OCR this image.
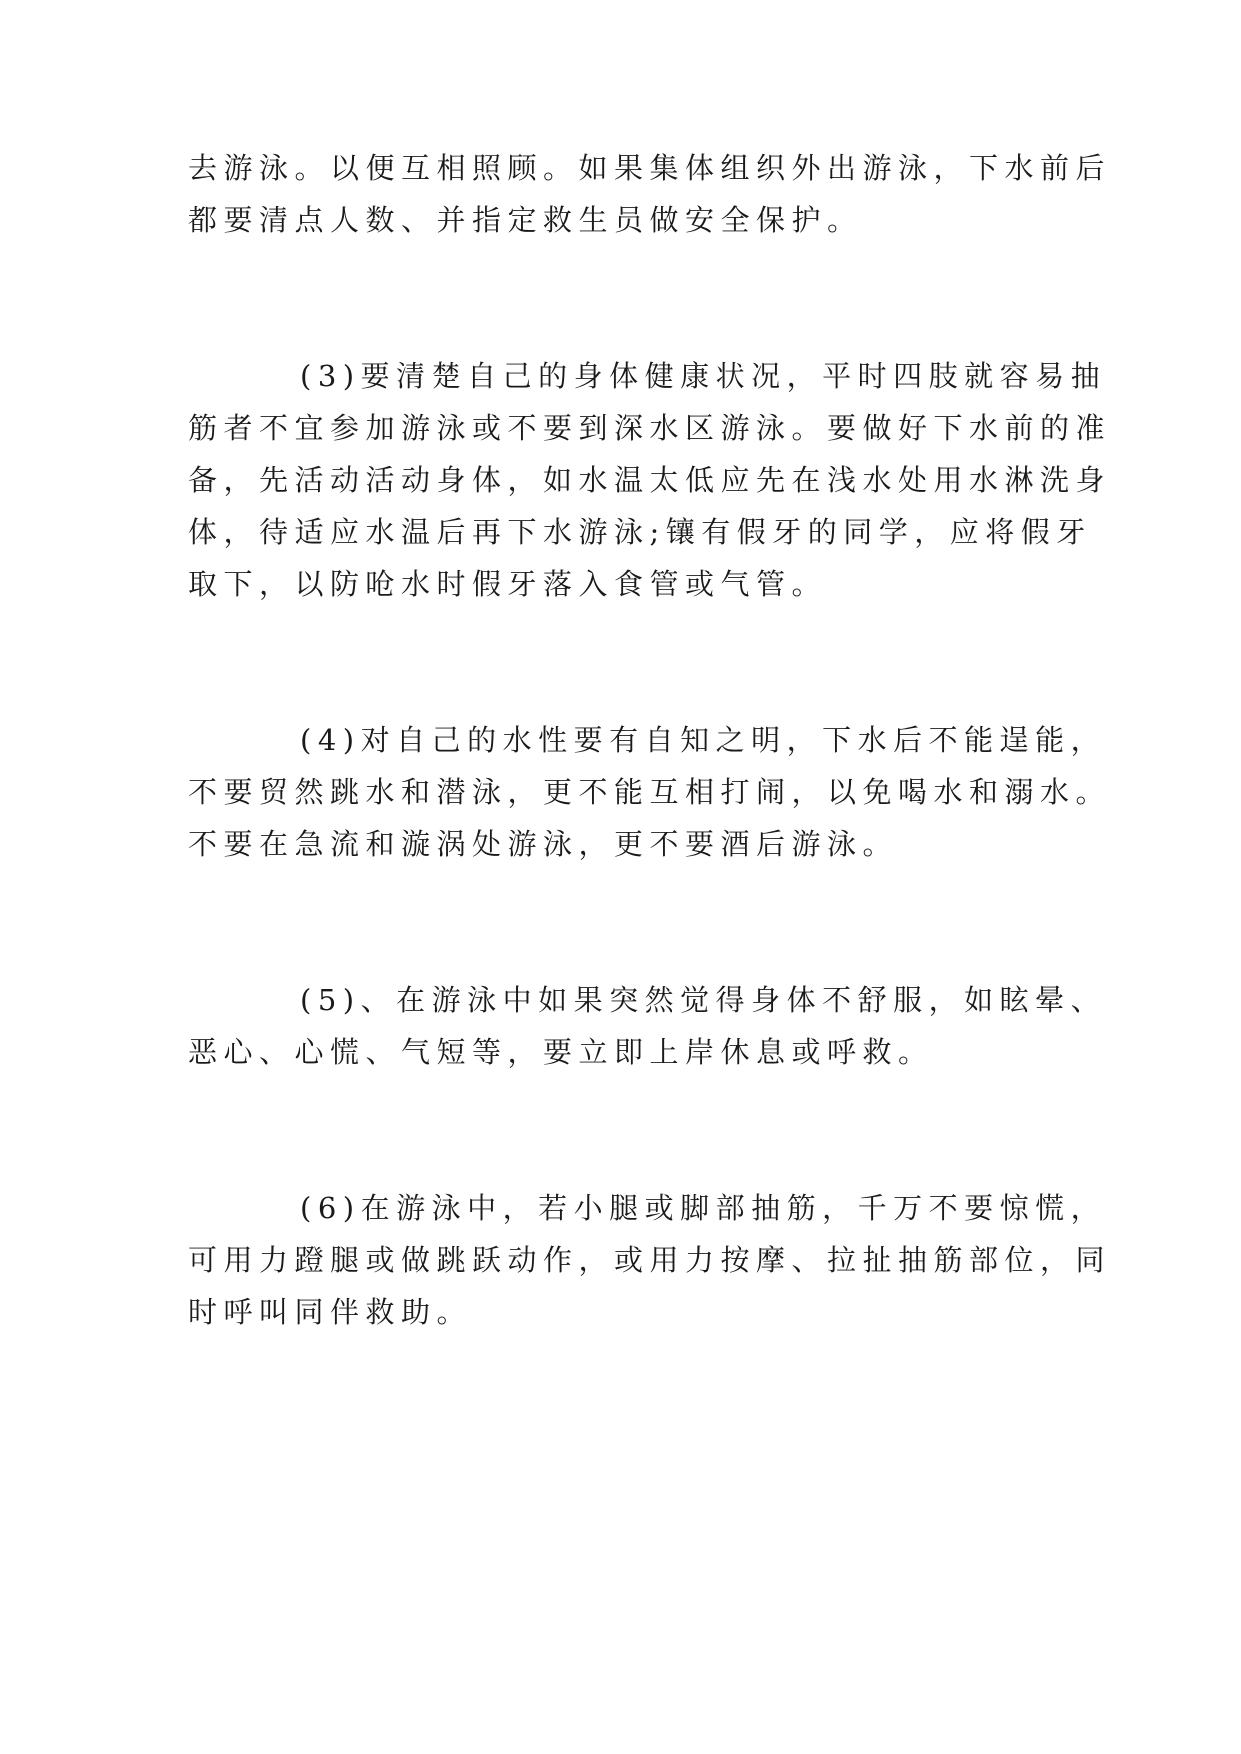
去游泳。以便互相照顾。如果集体组织外出游泳，下水前后
都要清点人数、并指定救生员做安全保护。
(3)要清楚自己的身体健康状况，平时四肢就容易抽
筋者不宜参加游泳或不要到深水区游泳。要做好下水前的准
备，先活动活动身体，如水温太低应先在浅水处用水淋洗身
体，待适应水温后再下水游泳;镶有假牙的同学，应将假牙
取下，以防呛水时假牙落入食管或气管。
(4)对自己的水性要有自知之明，下水后不能逞能，
不要贸然跳水和潜泳，更不能互相打闹，以免喝水和溺水。
不要在急流和漩涡处游泳，更不要酒后游泳。
(5)、在游泳中如果突然觉得身体不舒服，如眩晕、
恶心、心慌、气短等，要立即上岸休息或呼救。
(6)在游泳中，若小腿或脚部抽筋，千万不要惊慌，
可用力蹬腿或做跳跃动作，或用力按摩、拉扯抽筋部位，同
时呼叫同伴救助。
